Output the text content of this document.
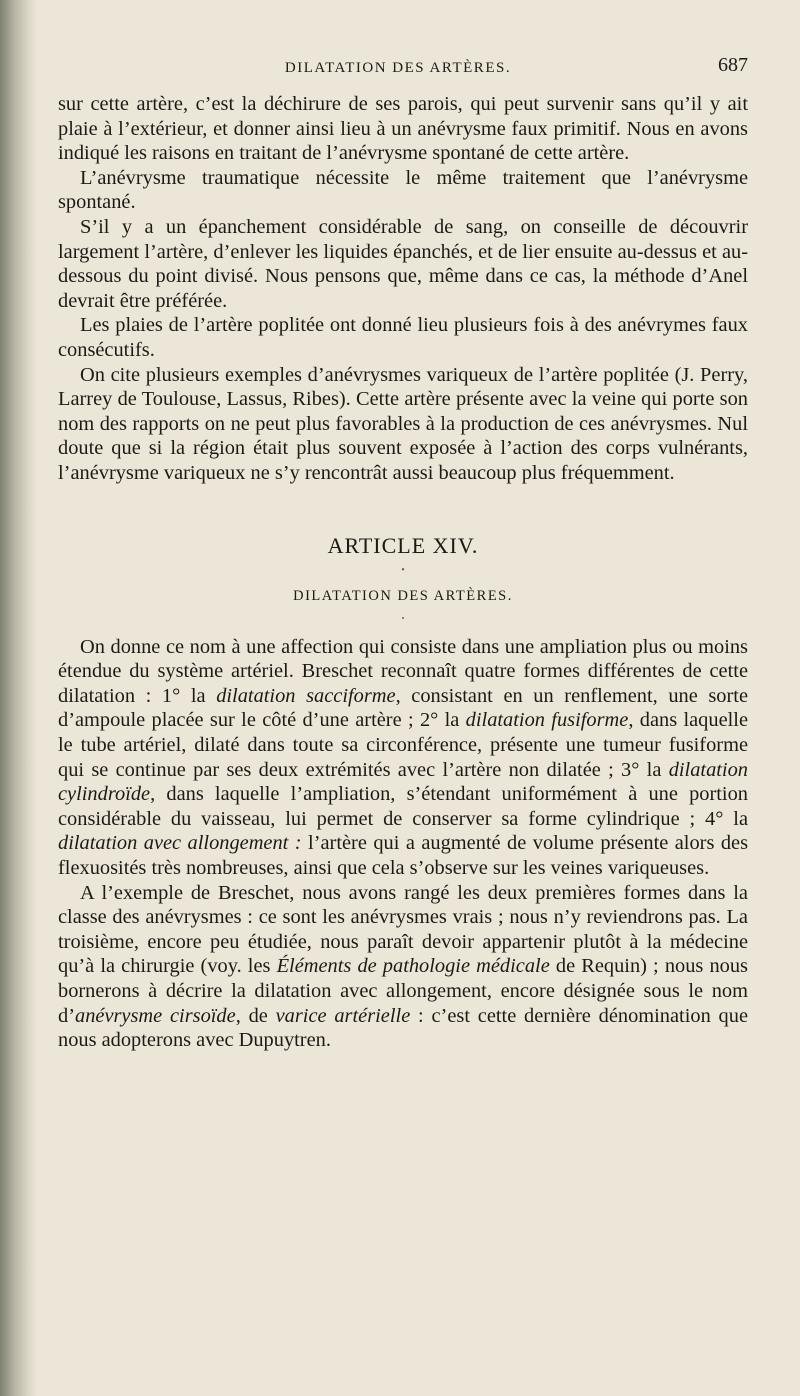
DILATATION DES ARTÈRES.	687

sur cette artère, c’est la déchirure de ses parois, qui peut survenir sans qu’il y ait plaie à l’extérieur, et donner ainsi lieu à un anévrysme faux primitif. Nous en avons indiqué les raisons en traitant de l’anévrysme spontané de cette artère.

L’anévrysme traumatique nécessite le même traitement que l’anévrysme spontané.

S’il y a un épanchement considérable de sang, on conseille de découvrir largement l’artère, d’enlever les liquides épanchés, et de lier ensuite au-dessus et au-dessous du point divisé. Nous pensons que, même dans ce cas, la méthode d’Anel devrait être préférée.

Les plaies de l’artère poplitée ont donné lieu plusieurs fois à des anévrymes faux consécutifs.

On cite plusieurs exemples d’anévrysmes variqueux de l’artère poplitée (J. Perry, Larrey de Toulouse, Lassus, Ribes). Cette artère présente avec la veine qui porte son nom des rapports on ne peut plus favorables à la production de ces anévrysmes. Nul doute que si la région était plus souvent exposée à l’action des corps vulnérants, l’anévrysme variqueux ne s’y rencontrât aussi beaucoup plus fréquemment.

ARTICLE XIV.
•
DILATATION DES ARTÈRES.
•

On donne ce nom à une affection qui consiste dans une ampliation plus ou moins étendue du système artériel. Breschet reconnaît quatre formes différentes de cette dilatation : 1° la dilatation sacciforme, consistant en un renflement, une sorte d’ampoule placée sur le côté d’une artère ; 2° la dilatation fusiforme, dans laquelle le tube artériel, dilaté dans toute sa circonférence, présente une tumeur fusiforme qui se continue par ses deux extrémités avec l’artère non dilatée ; 3° la dilatation cylindroïde, dans laquelle l’ampliation, s’étendant uniformément à une portion considérable du vaisseau, lui permet de conserver sa forme cylindrique ; 4° la dilatation avec allongement : l’artère qui a augmenté de volume présente alors des flexuosités très nombreuses, ainsi que cela s’observe sur les veines variqueuses.

A l’exemple de Breschet, nous avons rangé les deux premières formes dans la classe des anévrysmes : ce sont les anévrysmes vrais ; nous n’y reviendrons pas. La troisième, encore peu étudiée, nous paraît devoir appartenir plutôt à la médecine qu’à la chirurgie (voy. les Éléments de pathologie médicale de Requin) ; nous nous bornerons à décrire la dilatation avec allongement, encore désignée sous le nom d’anévrysme cirsoïde, de varice artérielle : c’est cette dernière dénomination que nous adopterons avec Dupuytren.
